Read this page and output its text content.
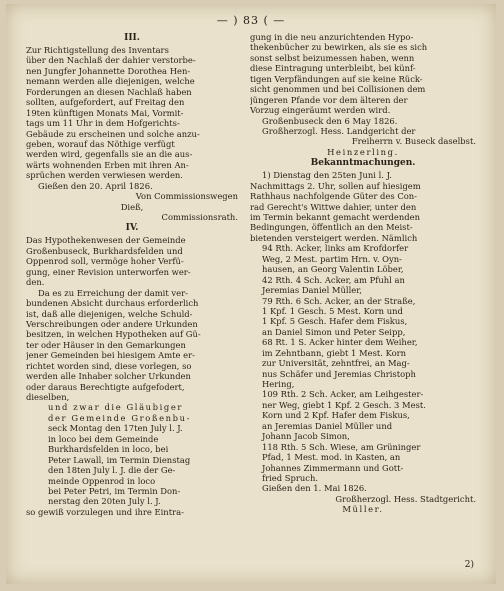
— ) 83 ( —
III.
Zur Richtigstellung des Inventars
über den Nachlaß der dahier verstorbe-
nen Jungfer Johannette Dorothea Hen-
nemann werden alle diejenigen, welche
Forderungen an diesen Nachlaß haben
sollten, aufgefordert, auf Freitag den
19ten künftigen Monats Mai, Vormit-
tags um 11 Uhr in dem Hofgerichts-
Gebäude zu erscheinen und solche anzu-
geben, worauf das Nöthige verfügt
werden wird, gegenfalls sie an die aus-
wärts wohnenden Erben mit ihren An-
sprüchen werden verwiesen werden.
Gießen den 20. April 1826.
Von Commissionswegen
Dieß,
Commissionsrath.
IV.
Das Hypothekenwesen der Gemeinde
Großenbuseck, Burkhardsfelden und
Oppenrod soll, vermöge hoher Verfü-
gung, einer Revision unterworfen wer-
den.
Da es zu Erreichung der damit ver-
bundenen Absicht durchaus erforderlich
ist, daß alle diejenigen, welche Schuld-
Verschreibungen oder andere Urkunden
besitzen, in welchen Hypotheken auf Gü-
ter oder Häuser in den Gemarkungen
jener Gemeinden bei hiesigem Amte er-
richtet worden sind, diese vorlegen, so
werden alle Inhaber solcher Urkunden
oder daraus Berechtigte aufgefodert,
dieselben,
und zwar die Gläubiger
der Gemeinde Großenbu-
seck Montag den 17ten July l. J.
in loco bei dem Gemeinde
Burkhardsfelden in loco, bei
Peter Lawall, im Termin Dienstag
den 18ten July l. J. die der Ge-
meinde Oppenrod in loco
bei Peter Petri, im Termin Don-
nerstag den 20ten July l. J.
so gewiß vorzulegen und ihre Eintra-
gung in die neu anzurichtenden Hypo-
thekenbücher zu bewirken, als sie es sich
sonst selbst beizumessen haben, wenn
diese Eintragung unterbleibt, bei künf-
tigen Verpfändungen auf sie keine Rück-
sicht genommen und bei Collisionen dem
jüngeren Pfande vor dem älteren der
Vorzug eingeräumt werden wird.
Großenbuseck den 6 May 1826.
Großherzogl. Hess. Landgericht der
Freiherrn v. Buseck daselbst.
Heinzerling.
Bekanntmachungen.
1) Dienstag den 25ten Juni l. J.
Nachmittags 2. Uhr, sollen auf hiesigem
Rathhaus nachfolgende Güter des Con-
rad Gerecht's Wittwe dahier, unter den
im Termin bekannt gemacht werdenden
Bedingungen, öffentlich an den Meist-
bietenden versteigert werden. Nämlich
94 Rth. Acker, links am Krofdorfer
Weg, 2 Mest. partim Hrn. v. Oyn-
hausen, an Georg Valentin Löber,
42 Rth. 4 Sch. Acker, am Pfuhl an
Jeremias Daniel Müller,
79 Rth. 6 Sch. Acker, an der Straße,
1 Kpf. 1 Gesch. 5 Mest. Korn und
1 Kpf. 5 Gesch. Hafer dem Fiskus,
an Daniel Simon und Peter Seipp,
68 Rt. 1 S. Acker hinter dem Weiher,
im Zehntbann, giebt 1 Mest. Korn
zur Universität, zehntfrei, an Mag-
nus Schäfer und Jeremias Christoph
Hering,
109 Rth. 2 Sch. Acker, am Leihgester-
ner Weg, giebt 1 Kpf. 2 Gesch. 3 Mest.
Korn und 2 Kpf. Hafer dem Fiskus,
an Jeremias Daniel Müller und
Johann Jacob Simon,
118 Rth. 5 Sch. Wiese, am Grüninger
Pfad, 1 Mest. mod. in Kasten, an
Johannes Zimmermann und Gott-
fried Spruch.
Gießen den 1. Mai 1826.
Großherzogl. Hess. Stadtgericht.
Müller.
2)
